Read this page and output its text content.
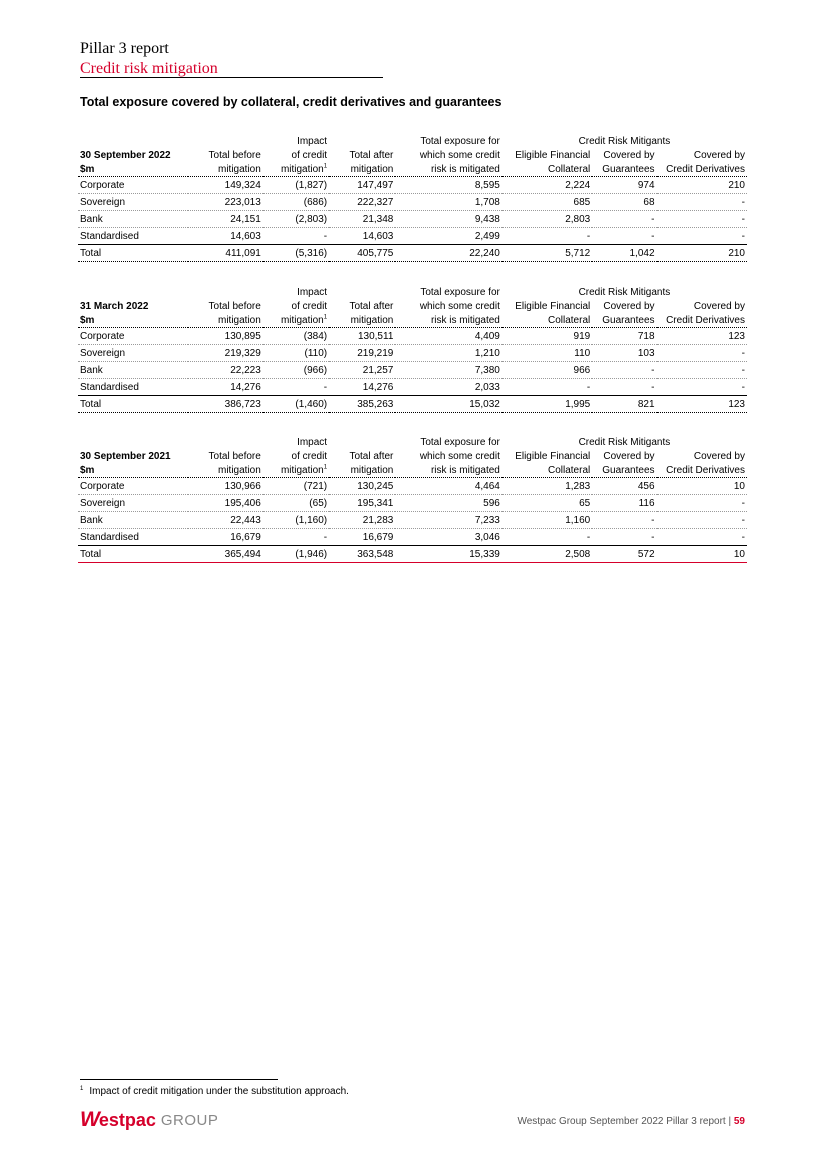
Pillar 3 report
Credit risk mitigation
Total exposure covered by collateral, credit derivatives and guarantees
		Impact		Total exposure for	Credit Risk Mitigants		
30 September 2022	Total before	of credit	Total after	which some credit	Eligible Financial	Covered by	Covered by
$m	mitigation	mitigation$^1$	mitigation	risk is mitigated	Collateral	Guarantees	Credit Derivatives
Corporate	149,324	(1,827)	147,497	8,595	2,224	974	210
Sovereign	223,013	(686)	222,327	1,708	685	68	-
Bank	24,151	(2,803)	21,348	9,438	2,803	-	-
Standardised	14,603	-	14,603	2,499	-	-	-
Total	411,091	(5,316)	405,775	22,240	5,712	1,042	210
		Impact		Total exposure for	Credit Risk Mitigants		
31 March 2022	Total before	of credit	Total after	which some credit	Eligible Financial	Covered by	Covered by
$m	mitigation	mitigation$^1$	mitigation	risk is mitigated	Collateral	Guarantees	Credit Derivatives
Corporate	130,895	(384)	130,511	4,409	919	718	123
Sovereign	219,329	(110)	219,219	1,210	110	103	-
Bank	22,223	(966)	21,257	7,380	966	-	-
Standardised	14,276	-	14,276	2,033	-	-	-
Total	386,723	(1,460)	385,263	15,032	1,995	821	123
		Impact		Total exposure for	Credit Risk Mitigants		
30 September 2021	Total before	of credit	Total after	which some credit	Eligible Financial	Covered by	Covered by
$m	mitigation	mitigation$^1$	mitigation	risk is mitigated	Collateral	Guarantees	Credit Derivatives
Corporate	130,966	(721)	130,245	4,464	1,283	456	10
Sovereign	195,406	(65)	195,341	596	65	116	-
Bank	22,443	(1,160)	21,283	7,233	1,160	-	-
Standardised	16,679	-	16,679	3,046	-	-	-
Total	365,494	(1,946)	363,548	15,339	2,508	572	10
$^1$ Impact of credit mitigation under the substitution approach.
W estpac GROUP	Westpac Group September 2022 Pillar 3 report | 59
